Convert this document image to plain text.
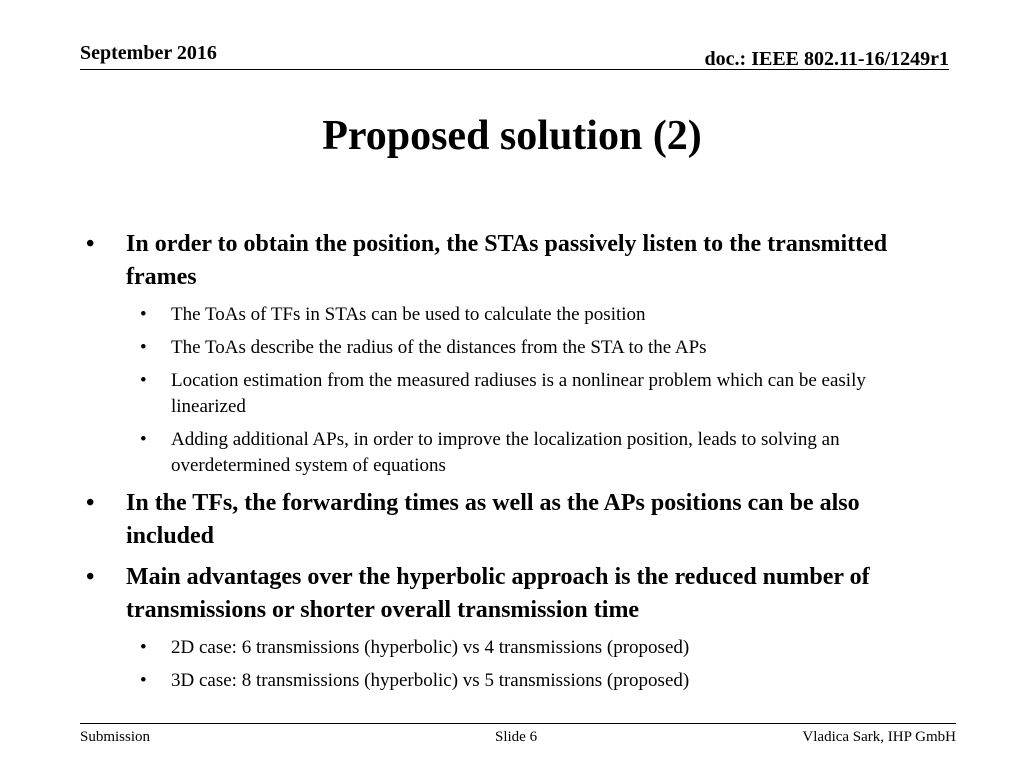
September 2016	doc.: IEEE 802.11-16/1249r1
Proposed solution (2)
• In order to obtain the position, the STAs passively listen to the transmitted frames
• The ToAs of TFs in STAs can be used to calculate the position
• The ToAs describe the radius of the distances from the STA to the APs
• Location estimation from the measured radiuses is a nonlinear problem which can be easily linearized
• Adding additional APs, in order to improve the localization position, leads to solving an overdetermined system of equations
• In the TFs, the forwarding times as well as the APs positions can be also included
• Main advantages over the hyperbolic approach is the reduced number of transmissions or shorter overall transmission time
• 2D case: 6 transmissions (hyperbolic) vs 4 transmissions (proposed)
• 3D case: 8 transmissions (hyperbolic) vs 5 transmissions (proposed)
Submission	Slide 6	Vladica Sark, IHP GmbH
